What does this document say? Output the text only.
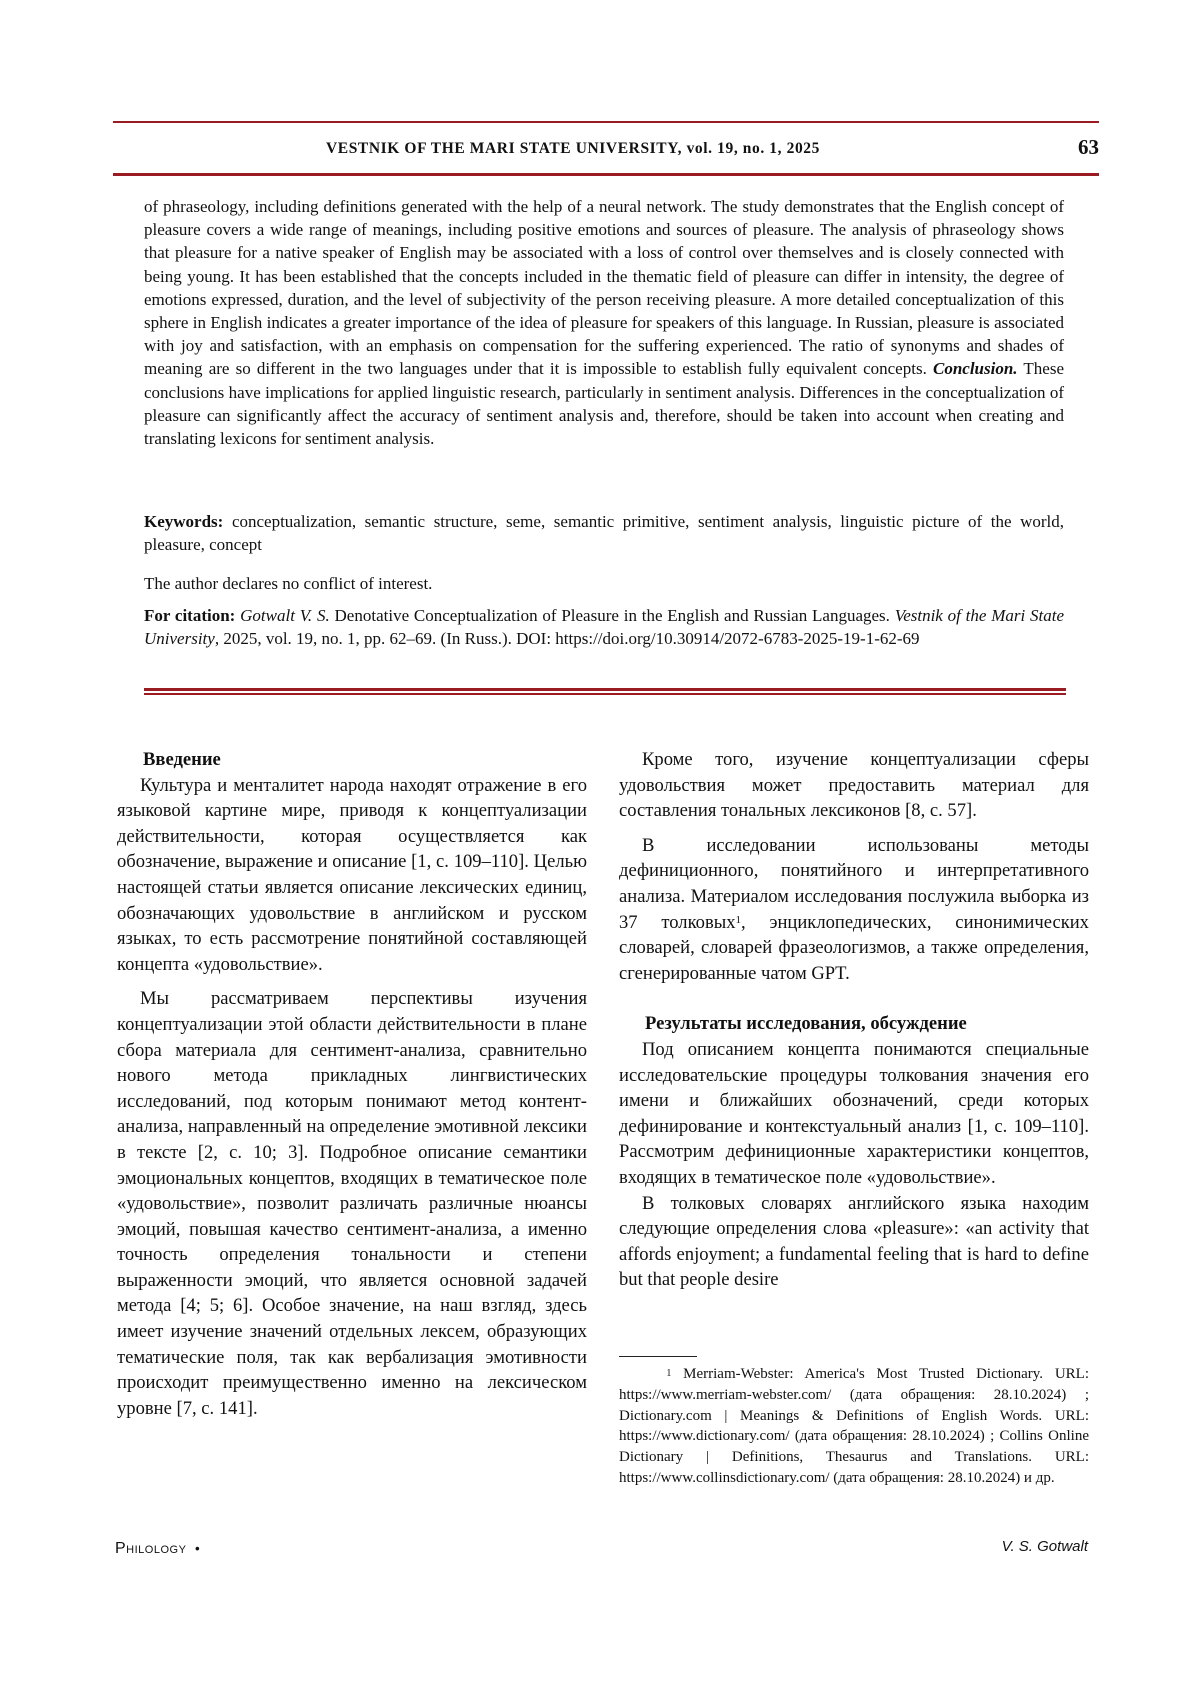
VESTNIK OF THE MARI STATE UNIVERSITY, vol. 19, no. 1, 2025	63

of phraseology, including definitions generated with the help of a neural network. The study demonstrates that the English concept of pleasure covers a wide range of meanings, including positive emotions and sources of pleasure. The analysis of phraseology shows that pleasure for a native speaker of English may be associated with a loss of control over themselves and is closely connected with being young. It has been established that the concepts included in the thematic field of pleasure can differ in intensity, the degree of emotions expressed, duration, and the level of subjectivity of the person receiving pleasure. A more detailed conceptualization of this sphere in English indicates a greater importance of the idea of pleasure for speakers of this language. In Russian, pleasure is associated with joy and satisfaction, with an emphasis on compensation for the suffering experienced. The ratio of synonyms and shades of meaning are so different in the two languages under that it is impossible to establish fully equivalent concepts. Conclusion. These conclusions have implications for applied linguistic research, particularly in sentiment analysis. Differences in the conceptualization of pleasure can significantly affect the accuracy of sentiment analysis and, therefore, should be taken into account when creating and translating lexicons for sentiment analysis.

Keywords: conceptualization, semantic structure, seme, semantic primitive, sentiment analysis, linguistic picture of the world, pleasure, concept

The author declares no conflict of interest.

For citation: Gotwalt V. S. Denotative Conceptualization of Pleasure in the English and Russian Languages. Vestnik of the Mari State University, 2025, vol. 19, no. 1, pp. 62–69. (In Russ.). DOI: https://doi.org/10.30914/2072-6783-2025-19-1-62-69

Введение

Культура и менталитет народа находят отражение в его языковой картине мире, приводя к концептуализации действительности, которая осуществляется как обозначение, выражение и описание [1, с. 109–110]. Целью настоящей статьи является описание лексических единиц, обозначающих удовольствие в английском и русском языках, то есть рассмотрение понятийной составляющей концепта «удовольствие».

Мы рассматриваем перспективы изучения концептуализации этой области действительности в плане сбора материала для сентимент-анализа, сравнительно нового метода прикладных лингвистических исследований, под которым понимают метод контент-анализа, направленный на определение эмотивной лексики в тексте [2, с. 10; 3]. Подробное описание семантики эмоциональных концептов, входящих в тематическое поле «удовольствие», позволит различать различные нюансы эмоций, повышая качество сентимент-анализа, а именно точность определения тональности и степени выраженности эмоций, что является основной задачей метода [4; 5; 6]. Особое значение, на наш взгляд, здесь имеет изучение значений отдельных лексем, образующих тематические поля, так как вербализация эмотивности происходит преимущественно именно на лексическом уровне [7, с. 141].

Кроме того, изучение концептуализации сферы удовольствия может предоставить материал для составления тональных лексиконов [8, с. 57].

В исследовании использованы методы дефиниционного, понятийного и интерпретативного анализа. Материалом исследования послужила выборка из 37 толковых$^1$, энциклопедических, синонимических словарей, словарей фразеологизмов, а также определения, сгенерированные чатом GPT.

Результаты исследования, обсуждение

Под описанием концепта понимаются специальные исследовательские процедуры толкования значения его имени и ближайших обозначений, среди которых дефинирование и контекстуальный анализ [1, с. 109–110]. Рассмотрим дефиниционные характеристики концептов, входящих в тематическое поле «удовольствие».

В толковых словарях английского языка находим следующие определения слова «pleasure»: «an activity that affords enjoyment; a fundamental feeling that is hard to define but that people desire

$^1$ Merriam-Webster: America's Most Trusted Dictionary. URL: https://www.merriam-webster.com/ (дата обращения: 28.10.2024) ; Dictionary.com | Meanings & Definitions of English Words. URL: https://www.dictionary.com/ (дата обращения: 28.10.2024) ; Collins Online Dictionary | Definitions, Thesaurus and Translations. URL: https://www.collinsdictionary.com/ (дата обращения: 28.10.2024) и др.

Philology •	V. S. Gotwalt
